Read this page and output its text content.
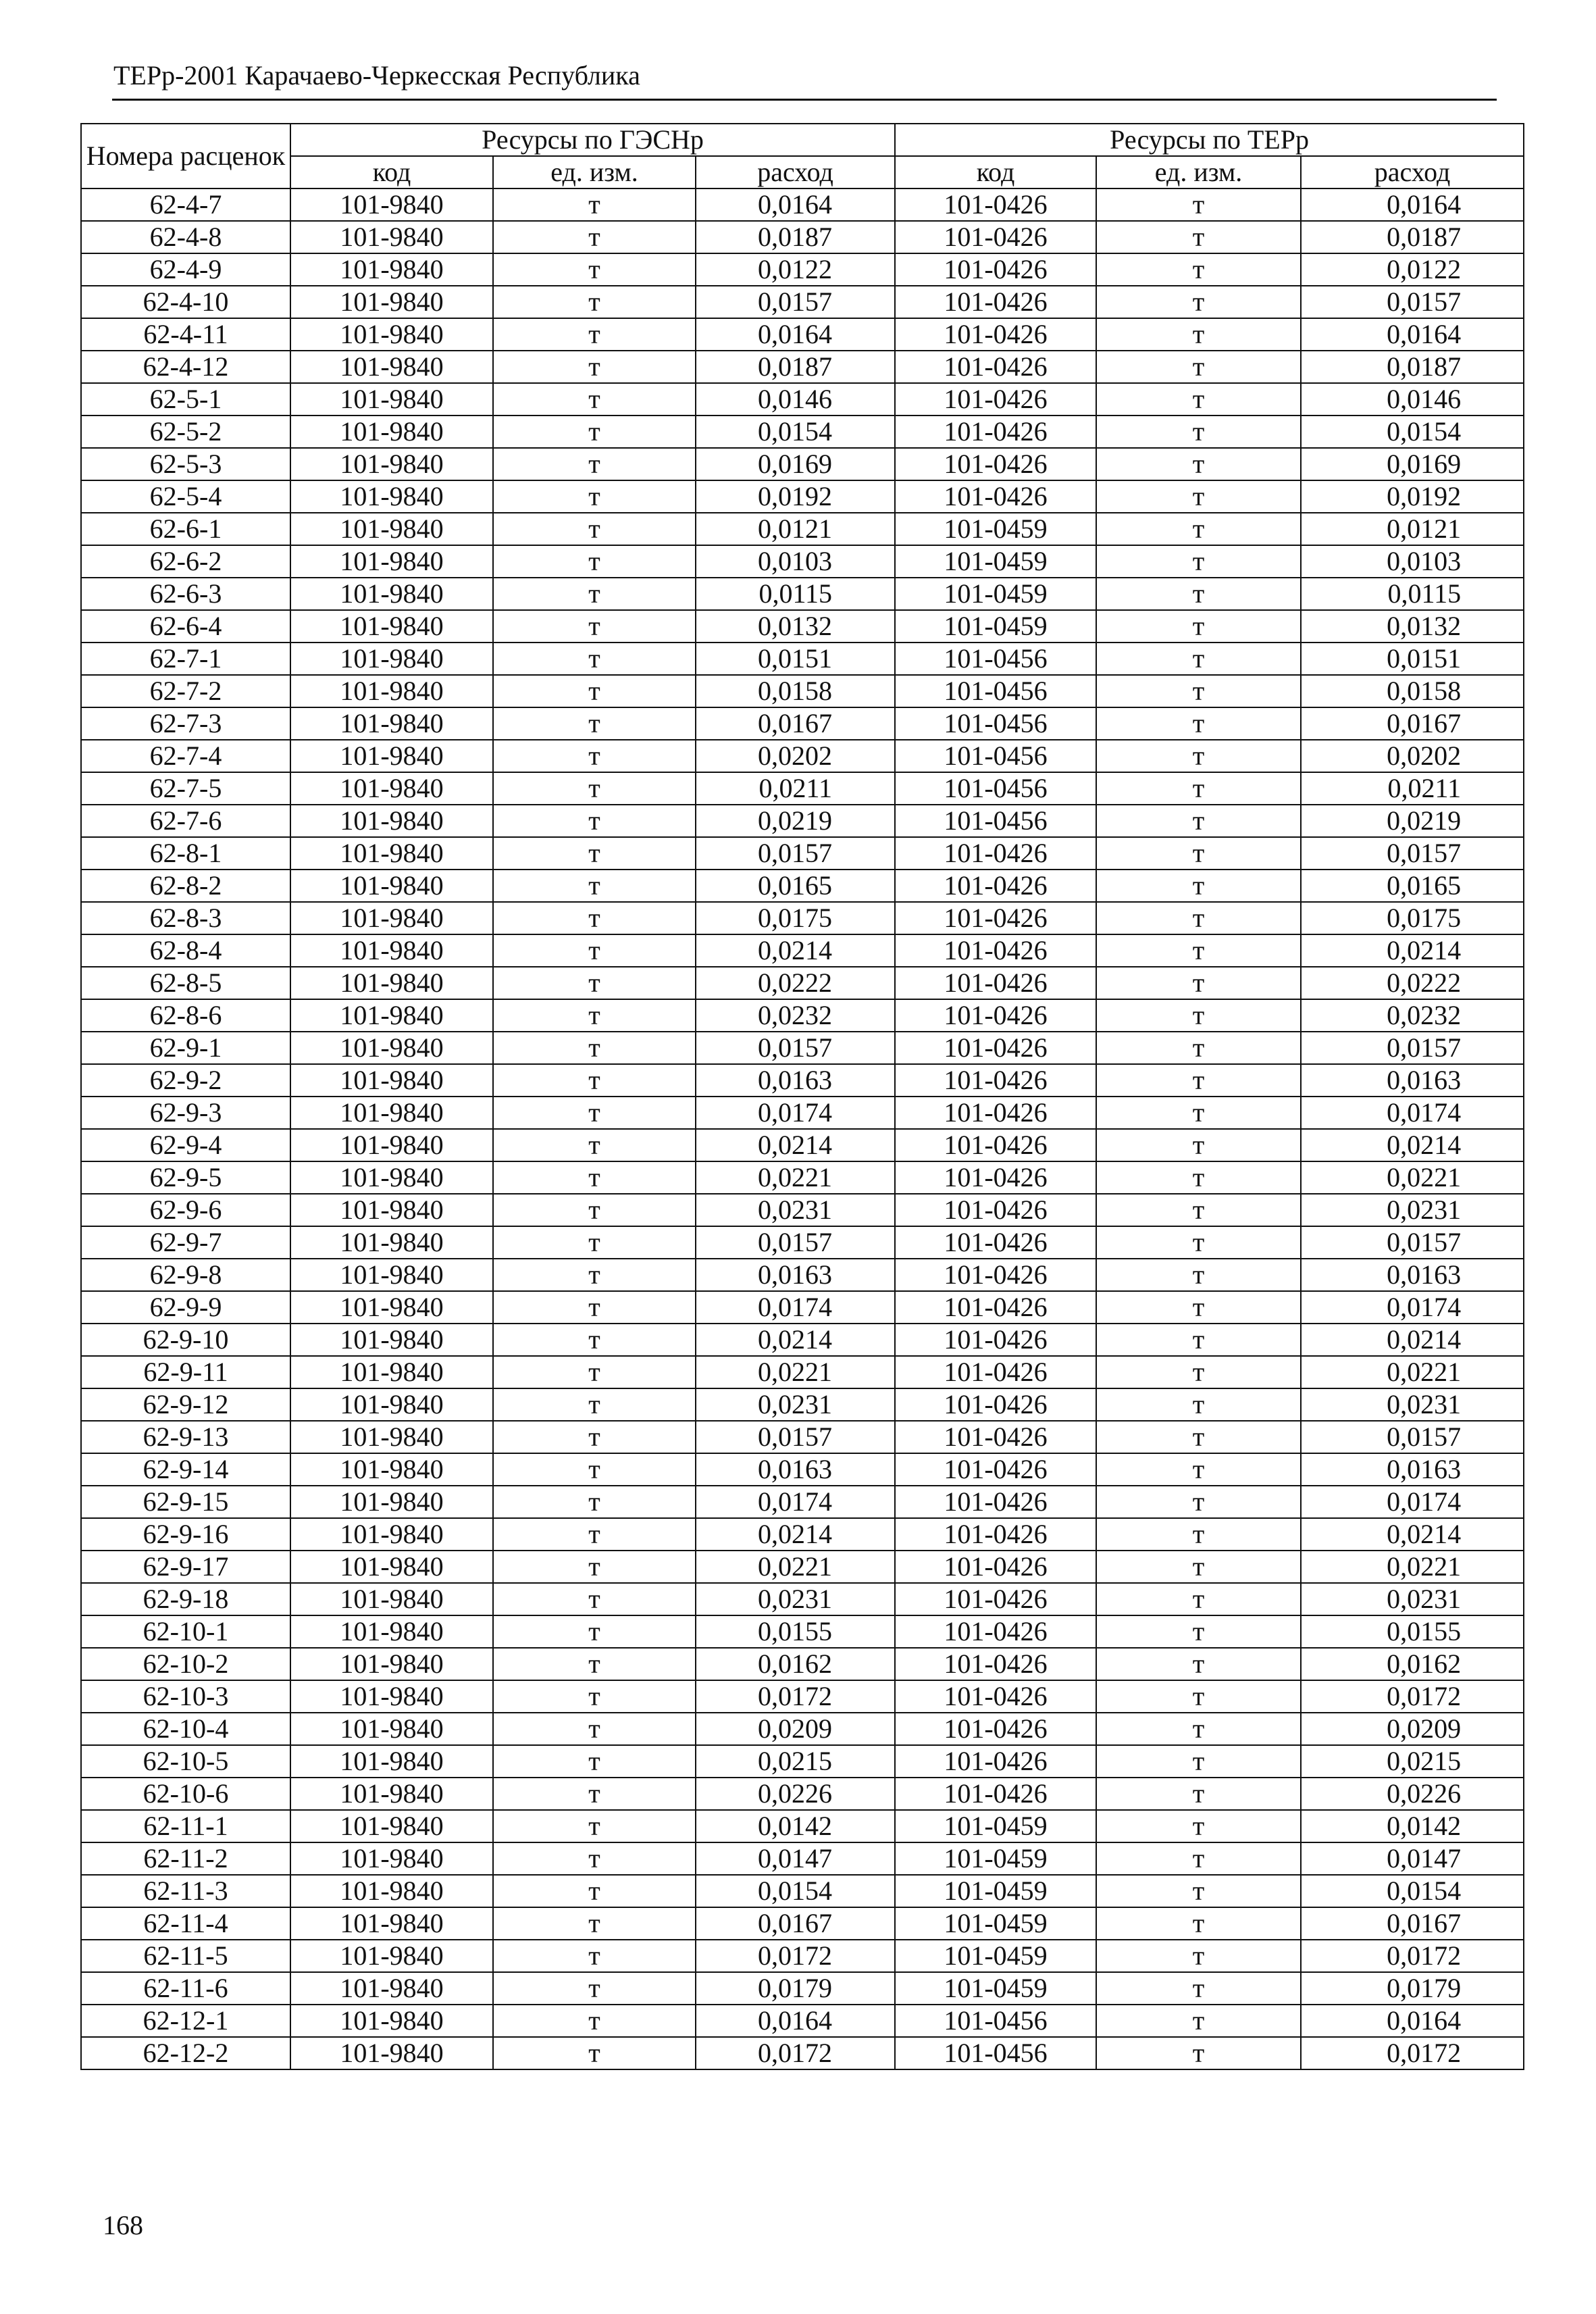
ТЕРр-2001 Карачаево-Черкесская Республика
Номера расценок	Ресурсы по ГЭСНр			Ресурсы по ТЕРр		
	код	ед. изм.	расход	код	ед. изм.	расход
62-4-7	101-9840	т	0,0164	101-0426	т	0,0164
62-4-8	101-9840	т	0,0187	101-0426	т	0,0187
62-4-9	101-9840	т	0,0122	101-0426	т	0,0122
62-4-10	101-9840	т	0,0157	101-0426	т	0,0157
62-4-11	101-9840	т	0,0164	101-0426	т	0,0164
62-4-12	101-9840	т	0,0187	101-0426	т	0,0187
62-5-1	101-9840	т	0,0146	101-0426	т	0,0146
62-5-2	101-9840	т	0,0154	101-0426	т	0,0154
62-5-3	101-9840	т	0,0169	101-0426	т	0,0169
62-5-4	101-9840	т	0,0192	101-0426	т	0,0192
62-6-1	101-9840	т	0,0121	101-0459	т	0,0121
62-6-2	101-9840	т	0,0103	101-0459	т	0,0103
62-6-3	101-9840	т	0,0115	101-0459	т	0,0115
62-6-4	101-9840	т	0,0132	101-0459	т	0,0132
62-7-1	101-9840	т	0,0151	101-0456	т	0,0151
62-7-2	101-9840	т	0,0158	101-0456	т	0,0158
62-7-3	101-9840	т	0,0167	101-0456	т	0,0167
62-7-4	101-9840	т	0,0202	101-0456	т	0,0202
62-7-5	101-9840	т	0,0211	101-0456	т	0,0211
62-7-6	101-9840	т	0,0219	101-0456	т	0,0219
62-8-1	101-9840	т	0,0157	101-0426	т	0,0157
62-8-2	101-9840	т	0,0165	101-0426	т	0,0165
62-8-3	101-9840	т	0,0175	101-0426	т	0,0175
62-8-4	101-9840	т	0,0214	101-0426	т	0,0214
62-8-5	101-9840	т	0,0222	101-0426	т	0,0222
62-8-6	101-9840	т	0,0232	101-0426	т	0,0232
62-9-1	101-9840	т	0,0157	101-0426	т	0,0157
62-9-2	101-9840	т	0,0163	101-0426	т	0,0163
62-9-3	101-9840	т	0,0174	101-0426	т	0,0174
62-9-4	101-9840	т	0,0214	101-0426	т	0,0214
62-9-5	101-9840	т	0,0221	101-0426	т	0,0221
62-9-6	101-9840	т	0,0231	101-0426	т	0,0231
62-9-7	101-9840	т	0,0157	101-0426	т	0,0157
62-9-8	101-9840	т	0,0163	101-0426	т	0,0163
62-9-9	101-9840	т	0,0174	101-0426	т	0,0174
62-9-10	101-9840	т	0,0214	101-0426	т	0,0214
62-9-11	101-9840	т	0,0221	101-0426	т	0,0221
62-9-12	101-9840	т	0,0231	101-0426	т	0,0231
62-9-13	101-9840	т	0,0157	101-0426	т	0,0157
62-9-14	101-9840	т	0,0163	101-0426	т	0,0163
62-9-15	101-9840	т	0,0174	101-0426	т	0,0174
62-9-16	101-9840	т	0,0214	101-0426	т	0,0214
62-9-17	101-9840	т	0,0221	101-0426	т	0,0221
62-9-18	101-9840	т	0,0231	101-0426	т	0,0231
62-10-1	101-9840	т	0,0155	101-0426	т	0,0155
62-10-2	101-9840	т	0,0162	101-0426	т	0,0162
62-10-3	101-9840	т	0,0172	101-0426	т	0,0172
62-10-4	101-9840	т	0,0209	101-0426	т	0,0209
62-10-5	101-9840	т	0,0215	101-0426	т	0,0215
62-10-6	101-9840	т	0,0226	101-0426	т	0,0226
62-11-1	101-9840	т	0,0142	101-0459	т	0,0142
62-11-2	101-9840	т	0,0147	101-0459	т	0,0147
62-11-3	101-9840	т	0,0154	101-0459	т	0,0154
62-11-4	101-9840	т	0,0167	101-0459	т	0,0167
62-11-5	101-9840	т	0,0172	101-0459	т	0,0172
62-11-6	101-9840	т	0,0179	101-0459	т	0,0179
62-12-1	101-9840	т	0,0164	101-0456	т	0,0164
62-12-2	101-9840	т	0,0172	101-0456	т	0,0172
168
